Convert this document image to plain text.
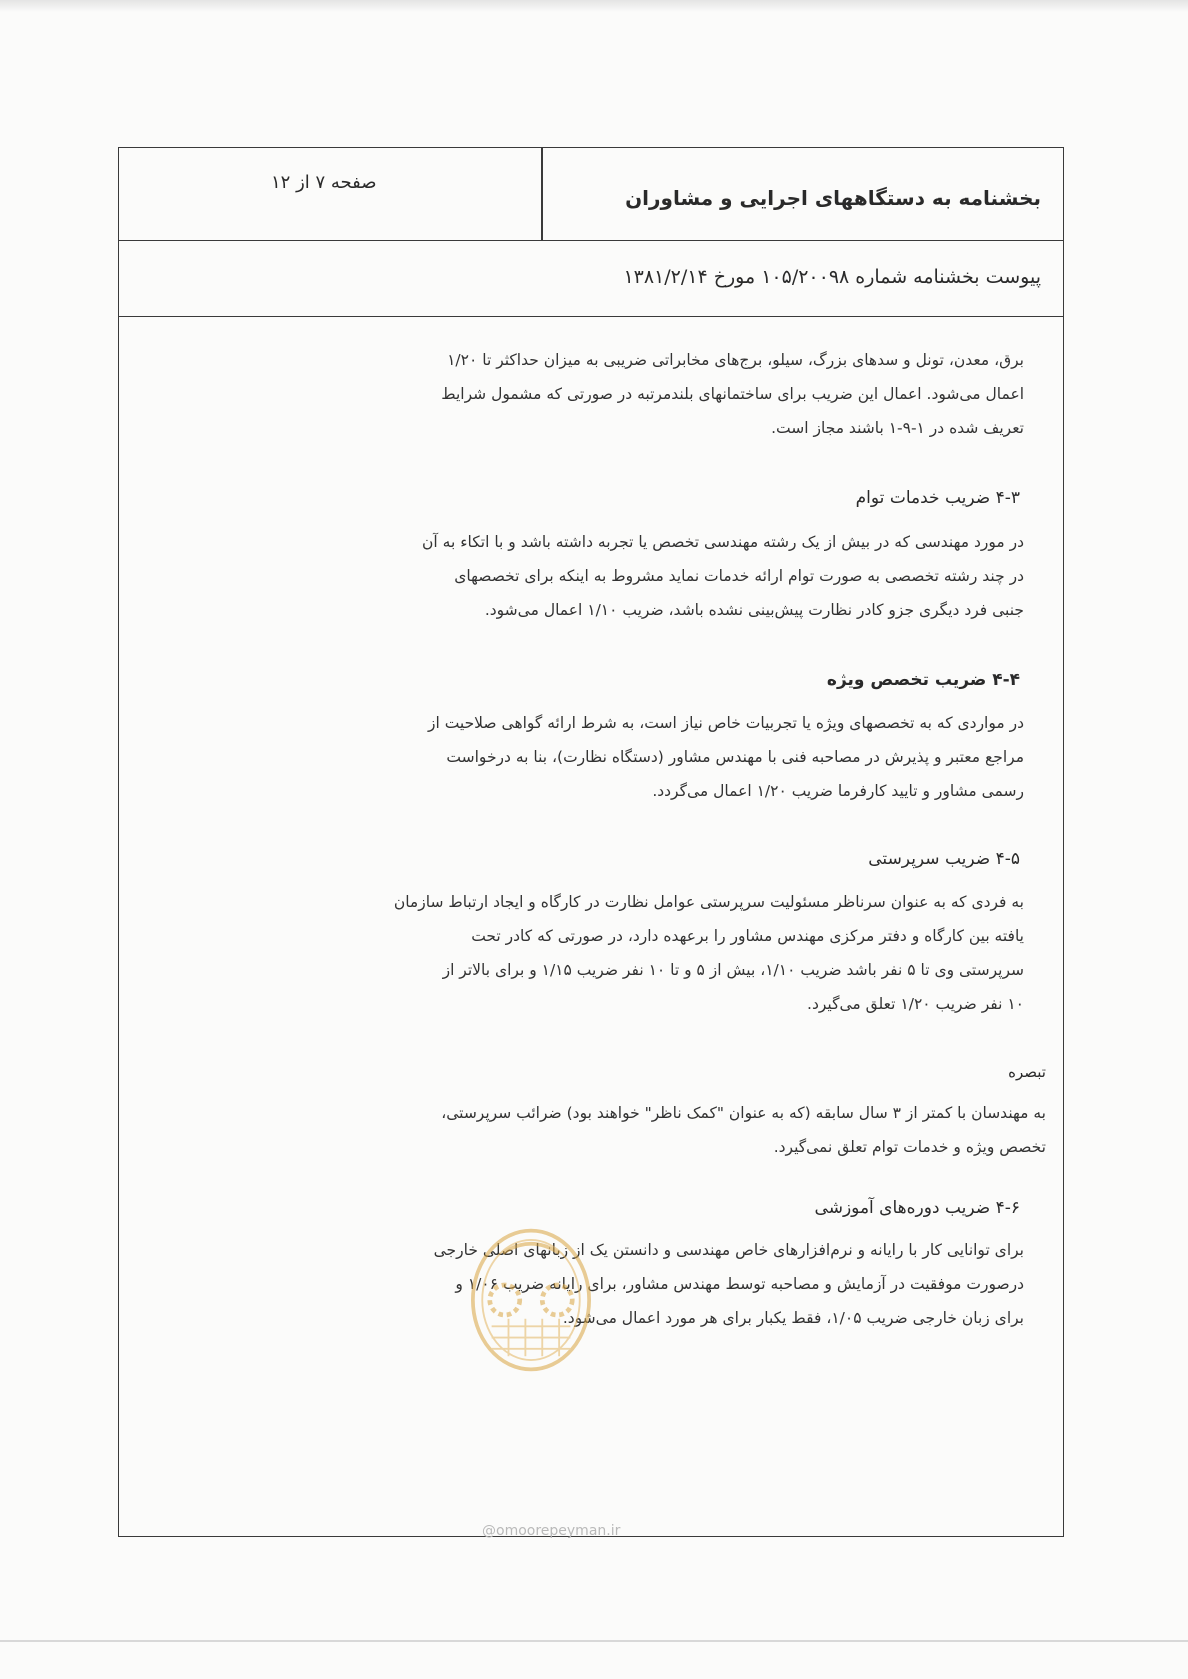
بخشنامه به دستگاههای اجرایی و مشاوران
صفحه ۷ از ۱۲
پیوست بخشنامه شماره ۱۰۵/۲۰۰۹۸ مورخ ۱۳۸۱/۲/۱۴
برق، معدن، تونل و سدهای بزرگ، سیلو، برج‌های مخابراتی ضریبی به میزان حداکثر تا ۱/۲۰
اعمال می‌شود. اعمال این ضریب برای ساختمانهای بلندمرتبه در صورتی که مشمول شرایط
تعریف شده در ۱-۹-۱ باشند مجاز است.
۴-۳ ضریب خدمات توام
در مورد مهندسی که در بیش از یک رشته مهندسی تخصص یا تجربه داشته باشد و با اتکاء به آن
در چند رشته تخصصی به صورت توام ارائه خدمات نماید مشروط به اینکه برای تخصصهای
جنبی فرد دیگری جزو کادر نظارت پیش‌بینی نشده باشد، ضریب ۱/۱۰ اعمال می‌شود.
۴-۴ ضریب تخصص ویژه
در مواردی که به تخصصهای ویژه یا تجربیات خاص نیاز است، به شرط ارائه گواهی صلاحیت از
مراجع معتبر و پذیرش در مصاحبه فنی با مهندس مشاور (دستگاه نظارت)، بنا به درخواست
رسمی مشاور و تایید کارفرما ضریب ۱/۲۰ اعمال می‌گردد.
۴-۵ ضریب سرپرستی
به فردی که به عنوان سرناظر مسئولیت سرپرستی عوامل نظارت در کارگاه و ایجاد ارتباط سازمان
یافته بین کارگاه و دفتر مرکزی مهندس مشاور را برعهده دارد، در صورتی که کادر تحت
سرپرستی وی تا ۵ نفر باشد ضریب ۱/۱۰، بیش از ۵ و تا ۱۰ نفر ضریب ۱/۱۵ و برای بالاتر از
۱۰ نفر ضریب ۱/۲۰ تعلق می‌گیرد.
تبصره
به مهندسان با کمتر از ۳ سال سابقه (که به عنوان "کمک ناظر" خواهند بود) ضرائب سرپرستی،
تخصص ویژه و خدمات توام تعلق نمی‌گیرد.
۴-۶ ضریب دوره‌های آموزشی
برای توانایی کار با رایانه و نرم‌افزارهای خاص مهندسی و دانستن یک از زبانهای اصلی خارجی
درصورت موفقیت در آزمایش و مصاحبه توسط مهندس مشاور، برای رایانه ضریب ۱/۰۶ و
برای زبان خارجی ضریب ۱/۰۵، فقط یکبار برای هر مورد اعمال می‌شود.
@omoorepeyman.ir
